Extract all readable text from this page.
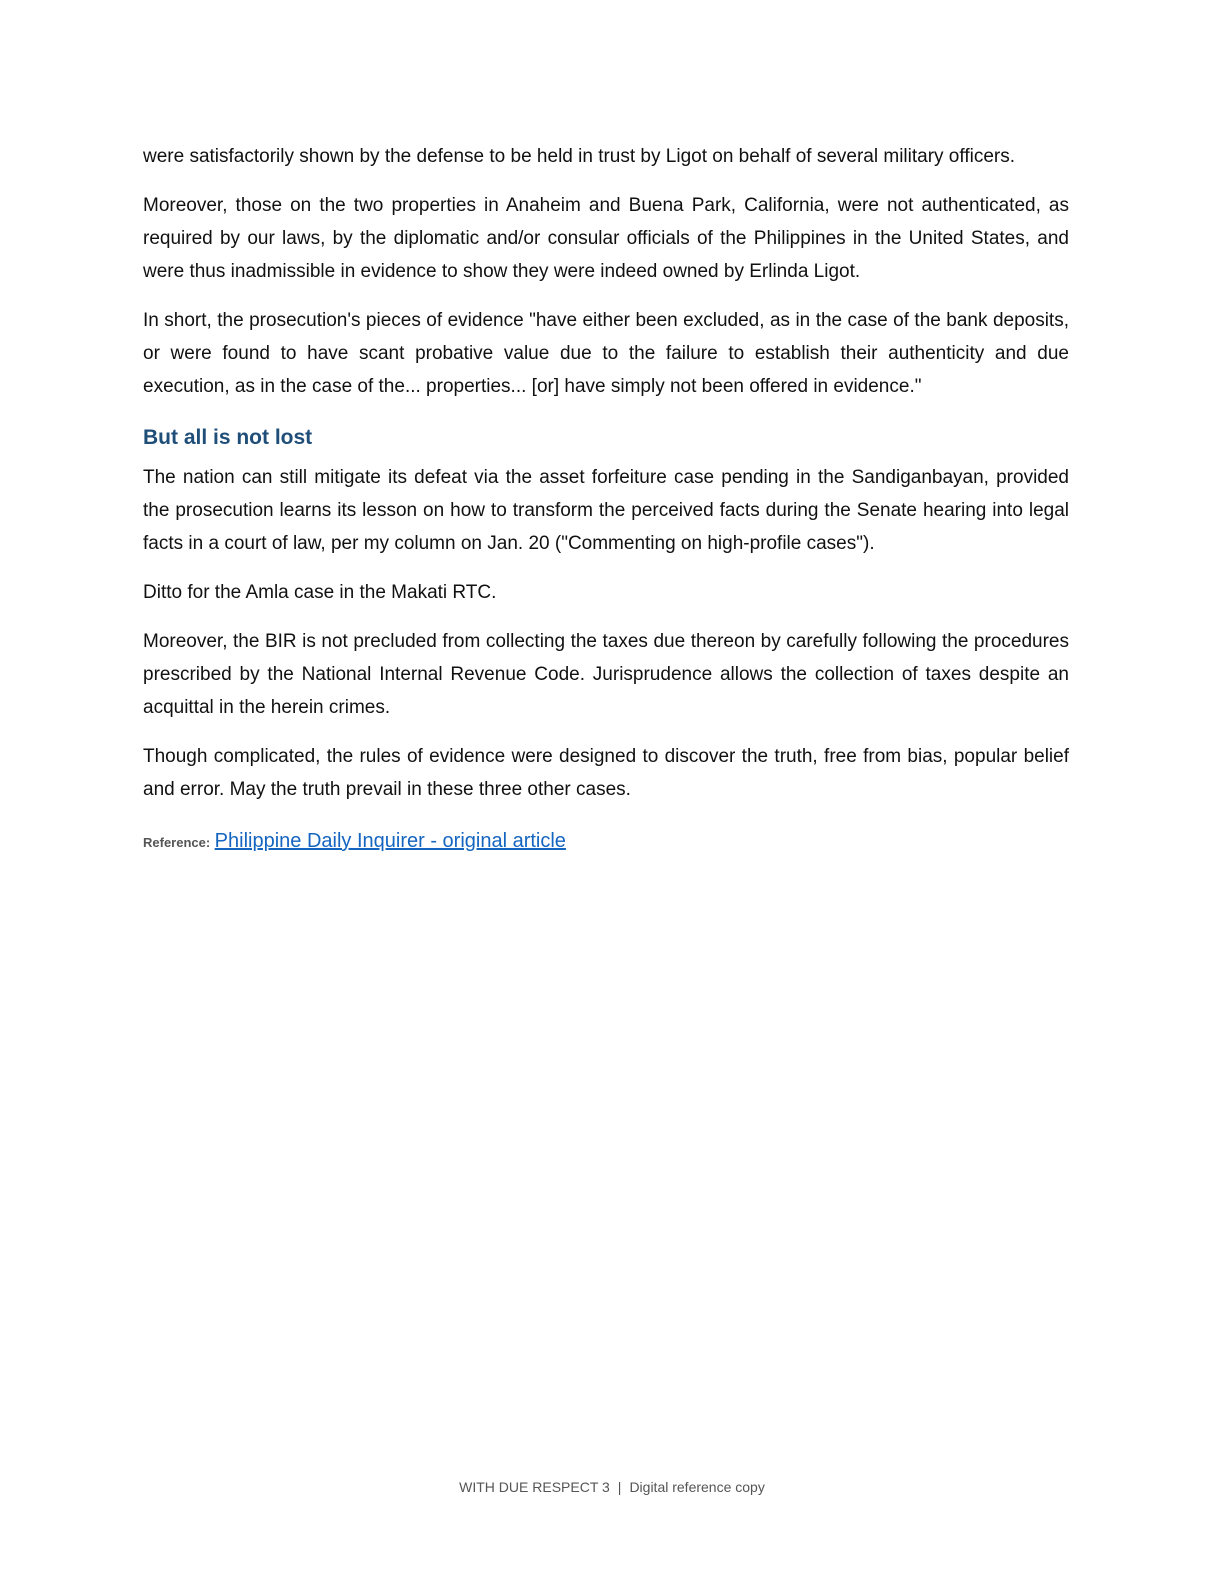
were satisfactorily shown by the defense to be held in trust by Ligot on behalf of several military officers.

Moreover, those on the two properties in Anaheim and Buena Park, California, were not authenticated, as required by our laws, by the diplomatic and/or consular officials of the Philippines in the United States, and were thus inadmissible in evidence to show they were indeed owned by Erlinda Ligot.

In short, the prosecution's pieces of evidence "have either been excluded, as in the case of the bank deposits, or were found to have scant probative value due to the failure to establish their authenticity and due execution, as in the case of the... properties... [or] have simply not been offered in evidence."

But all is not lost

The nation can still mitigate its defeat via the asset forfeiture case pending in the Sandiganbayan, provided the prosecution learns its lesson on how to transform the perceived facts during the Senate hearing into legal facts in a court of law, per my column on Jan. 20 ("Commenting on high-profile cases").

Ditto for the Amla case in the Makati RTC.

Moreover, the BIR is not precluded from collecting the taxes due thereon by carefully following the procedures prescribed by the National Internal Revenue Code. Jurisprudence allows the collection of taxes despite an acquittal in the herein crimes.

Though complicated, the rules of evidence were designed to discover the truth, free from bias, popular belief and error. May the truth prevail in these three other cases.

Reference: Philippine Daily Inquirer - original article
WITH DUE RESPECT 3 | Digital reference copy
